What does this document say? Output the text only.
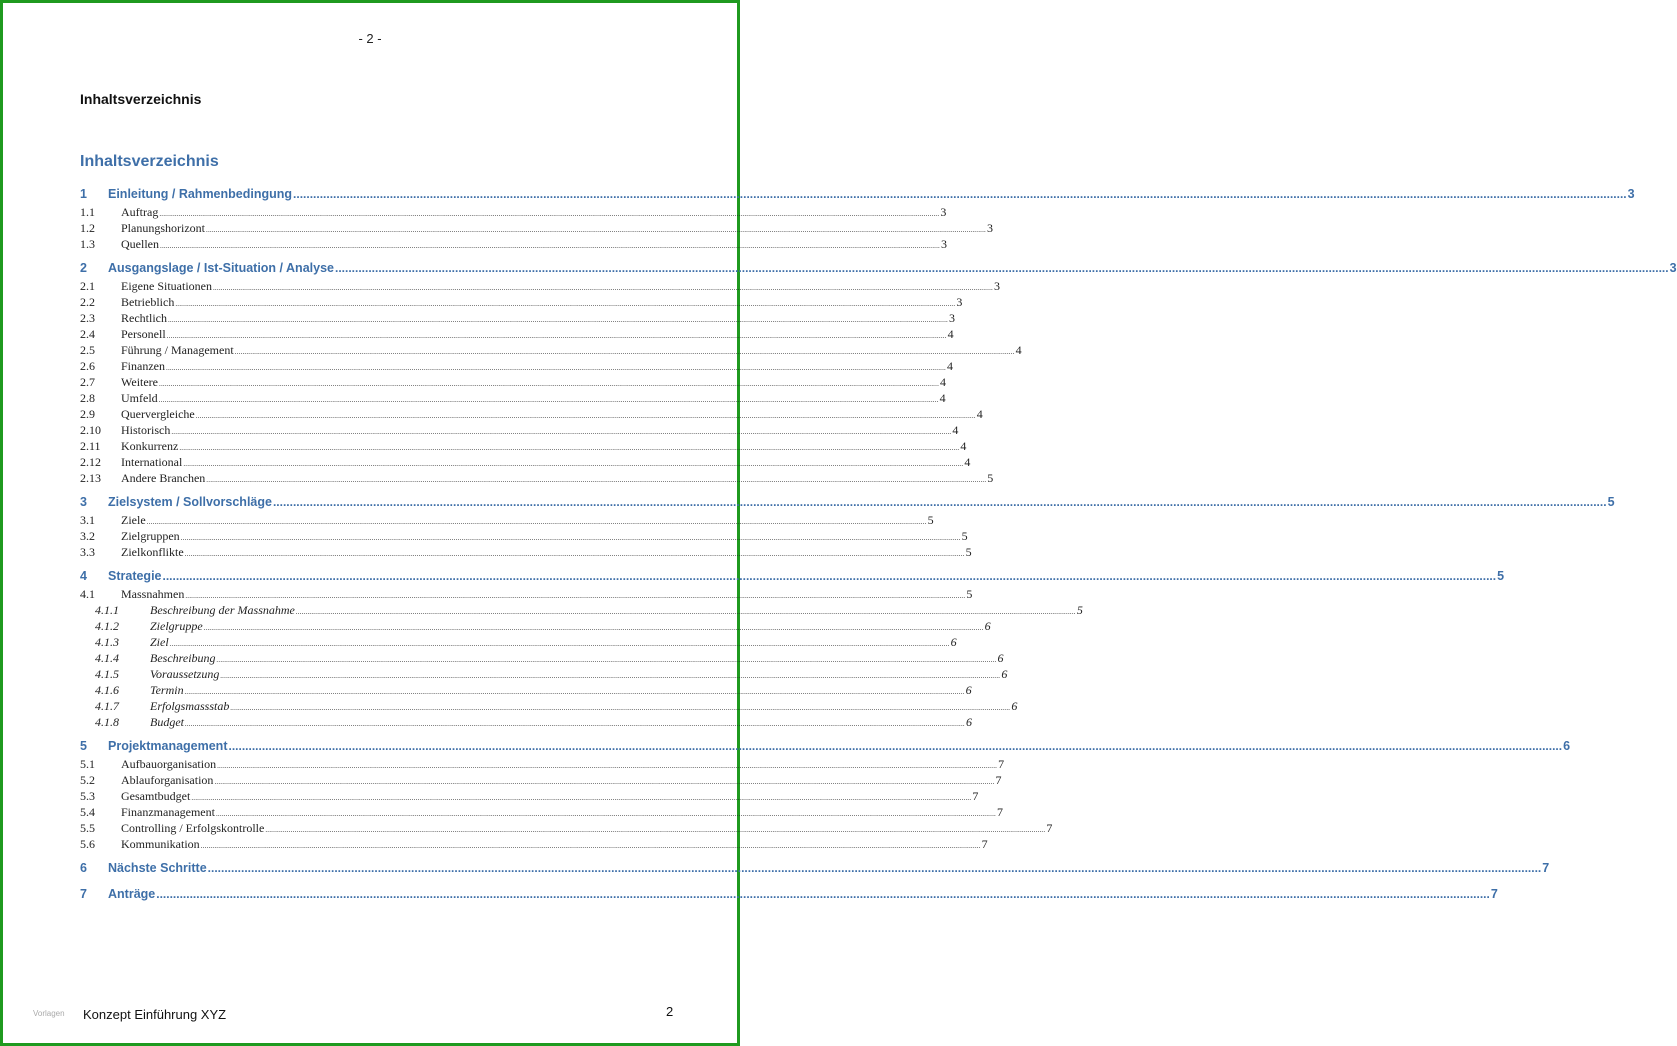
- 2 -
Inhaltsverzeichnis
Inhaltsverzeichnis
1	Einleitung / Rahmenbedingung ................................................................................................................................................................................................................................................................................................................................................................................................................ 3
1.1	Auftrag ................................................................................................................................................................................................................................................................................................................................................................................................................ 3
1.2	Planungshorizont ................................................................................................................................................................................................................................................................................................................................................................................................................ 3
1.3	Quellen ................................................................................................................................................................................................................................................................................................................................................................................................................ 3
2	Ausgangslage / Ist-Situation / Analyse ................................................................................................................................................................................................................................................................................................................................................................................................................ 3
2.1	Eigene Situationen ................................................................................................................................................................................................................................................................................................................................................................................................................ 3
2.2	Betrieblich ................................................................................................................................................................................................................................................................................................................................................................................................................ 3
2.3	Rechtlich ................................................................................................................................................................................................................................................................................................................................................................................................................ 3
2.4	Personell ................................................................................................................................................................................................................................................................................................................................................................................................................ 4
2.5	Führung / Management ................................................................................................................................................................................................................................................................................................................................................................................................................ 4
2.6	Finanzen ................................................................................................................................................................................................................................................................................................................................................................................................................ 4
2.7	Weitere ................................................................................................................................................................................................................................................................................................................................................................................................................ 4
2.8	Umfeld ................................................................................................................................................................................................................................................................................................................................................................................................................ 4
2.9	Quervergleiche ................................................................................................................................................................................................................................................................................................................................................................................................................ 4
2.10	Historisch ................................................................................................................................................................................................................................................................................................................................................................................................................ 4
2.11	Konkurrenz ................................................................................................................................................................................................................................................................................................................................................................................................................ 4
2.12	International ................................................................................................................................................................................................................................................................................................................................................................................................................ 4
2.13	Andere Branchen ................................................................................................................................................................................................................................................................................................................................................................................................................ 5
3	Zielsystem / Sollvorschläge ................................................................................................................................................................................................................................................................................................................................................................................................................ 5
3.1	Ziele ................................................................................................................................................................................................................................................................................................................................................................................................................ 5
3.2	Zielgruppen ................................................................................................................................................................................................................................................................................................................................................................................................................ 5
3.3	Zielkonflikte ................................................................................................................................................................................................................................................................................................................................................................................................................ 5
4	Strategie ................................................................................................................................................................................................................................................................................................................................................................................................................ 5
4.1	Massnahmen ................................................................................................................................................................................................................................................................................................................................................................................................................ 5
4.1.1	Beschreibung der Massnahme ................................................................................................................................................................................................................................................................................................................................................................................................................ 5
4.1.2	Zielgruppe ................................................................................................................................................................................................................................................................................................................................................................................................................ 6
4.1.3	Ziel ................................................................................................................................................................................................................................................................................................................................................................................................................ 6
4.1.4	Beschreibung ................................................................................................................................................................................................................................................................................................................................................................................................................ 6
4.1.5	Voraussetzung ................................................................................................................................................................................................................................................................................................................................................................................................................ 6
4.1.6	Termin ................................................................................................................................................................................................................................................................................................................................................................................................................ 6
4.1.7	Erfolgsmassstab ................................................................................................................................................................................................................................................................................................................................................................................................................ 6
4.1.8	Budget ................................................................................................................................................................................................................................................................................................................................................................................................................ 6
5	Projektmanagement ................................................................................................................................................................................................................................................................................................................................................................................................................ 6
5.1	Aufbauorganisation ................................................................................................................................................................................................................................................................................................................................................................................................................ 7
5.2	Ablauforganisation ................................................................................................................................................................................................................................................................................................................................................................................................................ 7
5.3	Gesamtbudget ................................................................................................................................................................................................................................................................................................................................................................................................................ 7
5.4	Finanzmanagement ................................................................................................................................................................................................................................................................................................................................................................................................................ 7
5.5	Controlling / Erfolgskontrolle ................................................................................................................................................................................................................................................................................................................................................................................................................ 7
5.6	Kommunikation ................................................................................................................................................................................................................................................................................................................................................................................................................ 7
6	Nächste Schritte ................................................................................................................................................................................................................................................................................................................................................................................................................ 7
7	Anträge ................................................................................................................................................................................................................................................................................................................................................................................................................ 7
Vorlagen Konzept Einführung XYZ	2
